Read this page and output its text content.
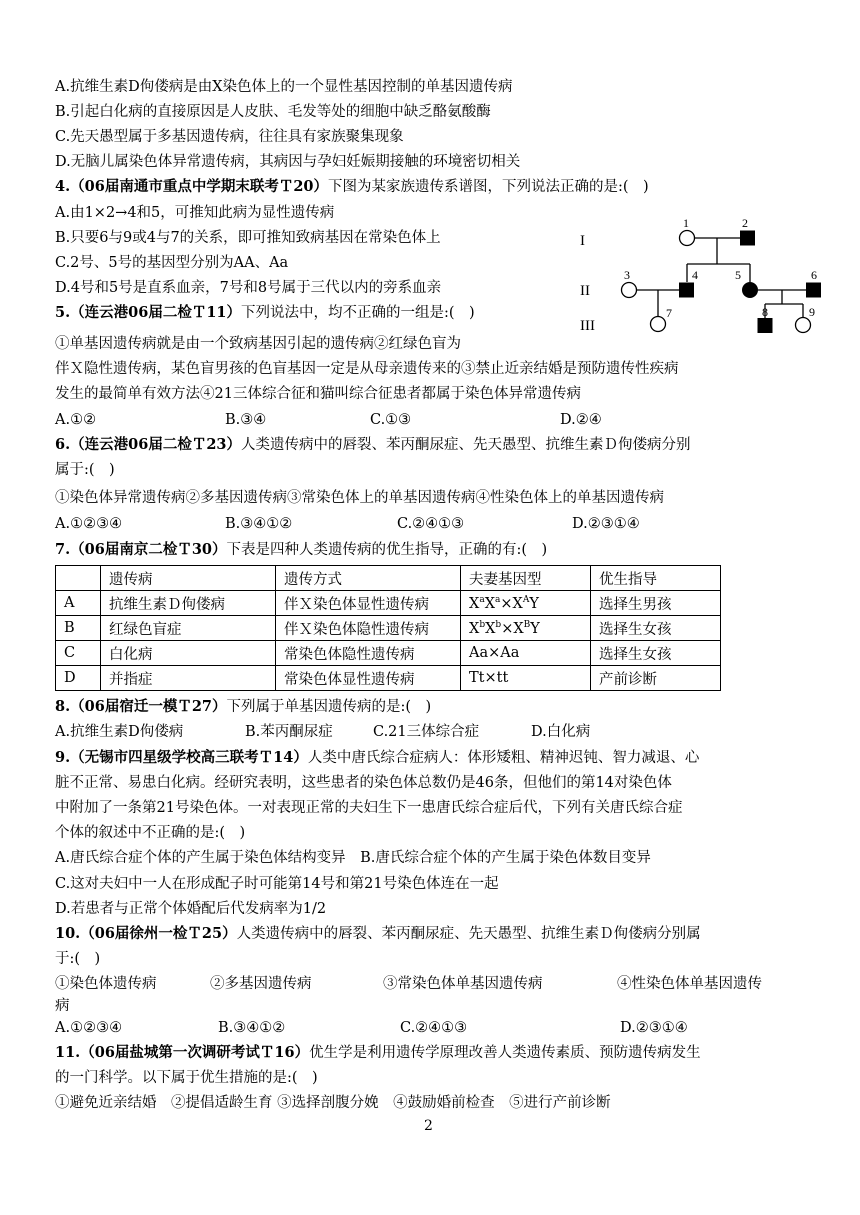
A.抗维生素D佝偻病是由X染色体上的一个显性基因控制的单基因遗传病
B.引起白化病的直接原因是人皮肤、毛发等处的细胞中缺乏酪氨酸酶
C.先天愚型属于多基因遗传病，往往具有家族聚集现象
D.无脑儿属染色体异常遗传病，其病因与孕妇妊娠期接触的环境密切相关
4.（06届南通市重点中学期末联考Ｔ20）下图为某家族遗传系谱图，下列说法正确的是:(　)
A.由1×2→4和5，可推知此病为显性遗传病
B.只要6与9或4与7的关系，即可推知致病基因在常染色体上
C.2号、5号的基因型分别为AA、Aa
D.4号和5号是直系血亲，7号和8号属于三代以内的旁系血亲
I
II
III
1	2
3	4	5	6
7	8	9
5.（连云港06届二检Ｔ11）下列说法中，均不正确的一组是:(　)
①单基因遗传病就是由一个致病基因引起的遗传病②红绿色盲为
伴Ｘ隐性遗传病，某色盲男孩的色盲基因一定是从母亲遗传来的③禁止近亲结婚是预防遗传性疾病
发生的最简单有效方法④21三体综合征和猫叫综合征患者都属于染色体异常遗传病
A.①②	B.③④	C.①③	D.②④
6.（连云港06届二检Ｔ23）人类遗传病中的唇裂、苯丙酮尿症、先天愚型、抗维生素Ｄ佝偻病分别
属于:(　)
①染色体异常遗传病②多基因遗传病③常染色体上的单基因遗传病④性染色体上的单基因遗传病
A.①②③④	B.③④①②	C.②④①③	D.②③①④
7.（06届南京二检Ｔ30）下表是四种人类遗传病的优生指导，正确的有:(　)
	遗传病	遗传方式	夫妻基因型	优生指导
A	抗维生素Ｄ佝偻病	伴Ｘ染色体显性遗传病	$X^aX^a\times X^AY$	选择生男孩
B	红绿色盲症	伴Ｘ染色体隐性遗传病	$X^bX^b\times X^BY$	选择生女孩
C	白化病	常染色体隐性遗传病	Aa×Aa	选择生女孩
D	并指症	常染色体显性遗传病	Tt×tt	产前诊断
8.（06届宿迁一模Ｔ27）下列属于单基因遗传病的是:(　)
A.抗维生素D佝偻病	B.苯丙酮尿症	C.21三体综合症	D.白化病
9.（无锡市四星级学校高三联考Ｔ14）人类中唐氏综合症病人：体形矮粗、精神迟钝、智力减退、心
脏不正常、易患白化病。经研究表明，这些患者的染色体总数仍是46条，但他们的第14对染色体
中附加了一条第21号染色体。一对表现正常的夫妇生下一患唐氏综合症后代，下列有关唐氏综合症
个体的叙述中不正确的是:(　)
A.唐氏综合症个体的产生属于染色体结构变异　B.唐氏综合症个体的产生属于染色体数目变异
C.这对夫妇中一人在形成配子时可能第14号和第21号染色体连在一起
D.若患者与正常个体婚配后代发病率为1/2
10.（06届徐州一检Ｔ25）人类遗传病中的唇裂、苯丙酮尿症、先天愚型、抗维生素Ｄ佝偻病分别属
于:(　)
①染色体遗传病	②多基因遗传病	③常染色体单基因遗传病	④性染色体单基因遗传
病
A.①②③④	B.③④①②	C.②④①③	D.②③①④
11.（06届盐城第一次调研考试Ｔ16）优生学是利用遗传学原理改善人类遗传素质、预防遗传病发生
的一门科学。以下属于优生措施的是:(　)
①避免近亲结婚　②提倡适龄生育 ③选择剖腹分娩　④鼓励婚前检查　⑤进行产前诊断
2
